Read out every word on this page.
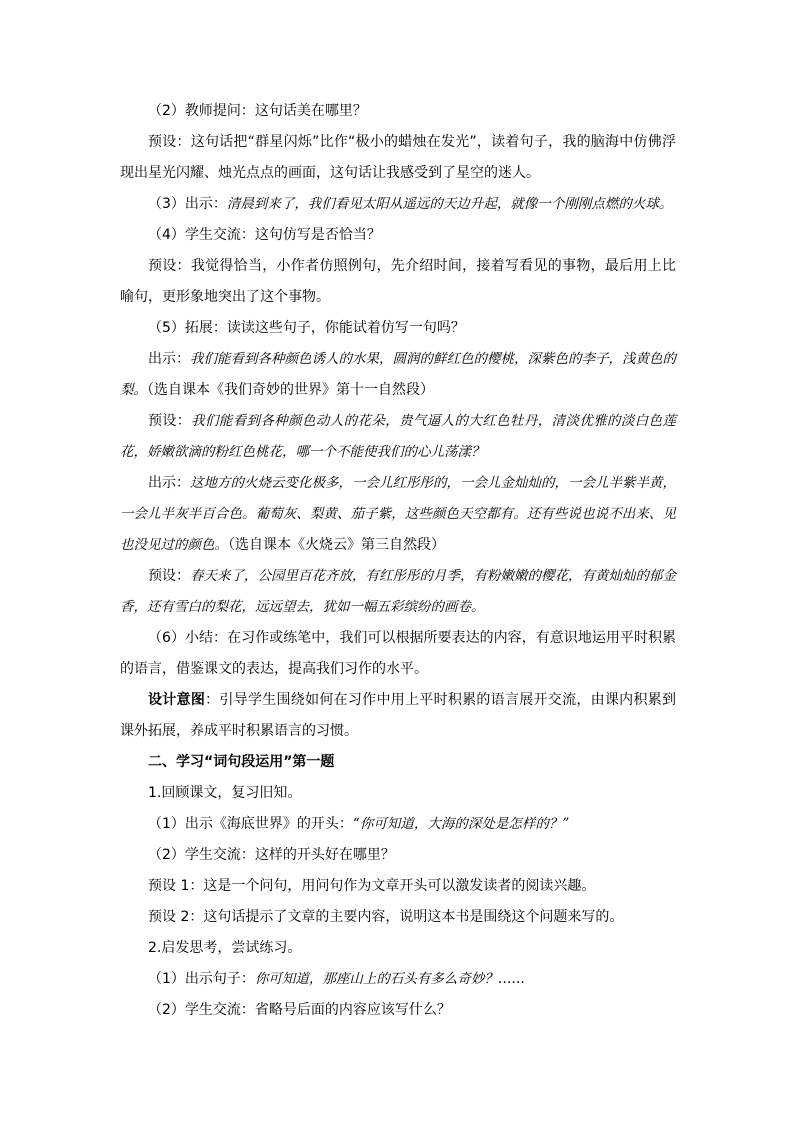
（2）教师提问：这句话美在哪里？

预设：这句话把“群星闪烁”比作“极小的蜡烛在发光”，读着句子，我的脑海中仿佛浮现出星光闪耀、烛光点点的画面，这句话让我感受到了星空的迷人。

（3）出示：清晨到来了，我们看见太阳从遥远的天边升起，就像一个刚刚点燃的火球。

（4）学生交流：这句仿写是否恰当？

预设：我觉得恰当，小作者仿照例句，先介绍时间，接着写看见的事物，最后用上比喻句，更形象地突出了这个事物。

（5）拓展：读读这些句子，你能试着仿写一句吗？

出示：我们能看到各种颜色诱人的水果，圆润的鲜红色的樱桃，深紫色的李子，浅黄色的梨。（选自课本《我们奇妙的世界》第十一自然段）

预设：我们能看到各种颜色动人的花朵，贵气逼人的大红色牡丹，清淡优雅的淡白色莲花，娇嫩欲滴的粉红色桃花，哪一个不能使我们的心儿荡漾？

出示：这地方的火烧云变化极多，一会儿红彤彤的，一会儿金灿灿的，一会儿半紫半黄，一会儿半灰半百合色。葡萄灰、梨黄、茄子紫，这些颜色天空都有。还有些说也说不出来、见也没见过的颜色。（选自课本《火烧云》第三自然段）

预设：春天来了，公园里百花齐放，有红彤彤的月季，有粉嫩嫩的樱花，有黄灿灿的郁金香，还有雪白的梨花，远远望去，犹如一幅五彩缤纷的画卷。

（6）小结：在习作或练笔中，我们可以根据所要表达的内容，有意识地运用平时积累的语言，借鉴课文的表达，提高我们习作的水平。

设计意图：引导学生围绕如何在习作中用上平时积累的语言展开交流，由课内积累到课外拓展，养成平时积累语言的习惯。

二、学习“词句段运用”第一题

1.回顾课文，复习旧知。

（1）出示《海底世界》的开头：“你可知道，大海的深处是怎样的？”

（2）学生交流：这样的开头好在哪里？

预设 1：这是一个问句，用问句作为文章开头可以激发读者的阅读兴趣。

预设 2：这句话提示了文章的主要内容，说明这本书是围绕这个问题来写的。

2.启发思考，尝试练习。

（1）出示句子：你可知道，那座山上的石头有多么奇妙？……

（2）学生交流：省略号后面的内容应该写什么？
